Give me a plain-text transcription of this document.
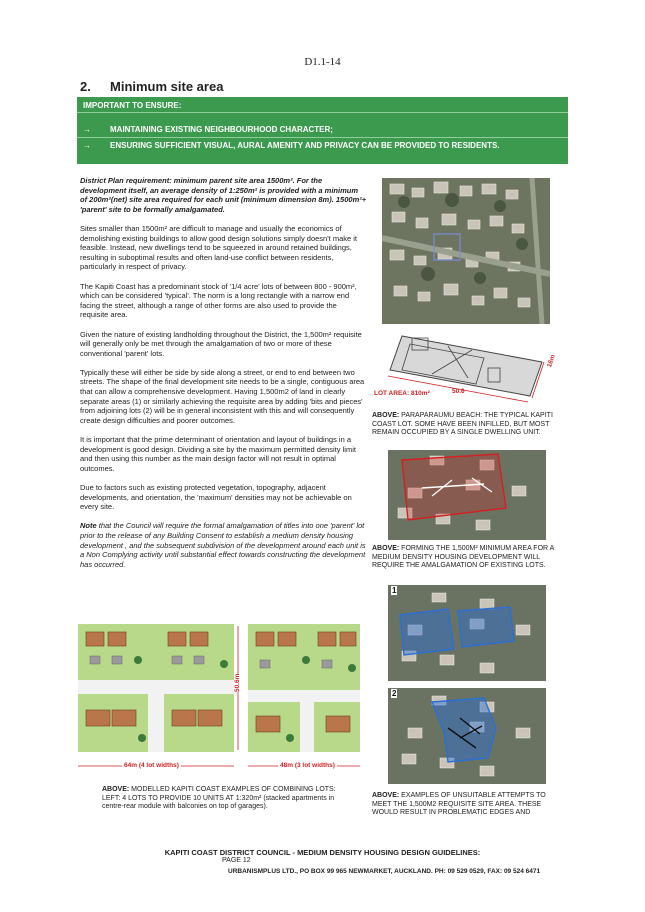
D1.1-14
2. Minimum site area
IMPORTANT TO ENSURE:
→ MAINTAINING EXISTING NEIGHBOURHOOD CHARACTER;
→ ENSURING SUFFICIENT VISUAL, AURAL AMENITY AND PRIVACY CAN BE PROVIDED TO RESIDENTS.

District Plan requirement: minimum parent site area 1500m². For the development itself, an average density of 1:250m² is provided with a minimum of 200m²(net) site area required for each unit (minimum dimension 8m). 1500m²+ 'parent' site to be formally amalgamated.

Sites smaller than 1500m² are difficult to manage and usually the economics of demolishing existing buildings to allow good design solutions simply doesn't make it feasible. Instead, new dwellings tend to be squeezed in around retained buildings, resulting in suboptimal results and often land-use conflict between residents, particularly in respect of privacy.

The Kapiti Coast has a predominant stock of '1/4 acre' lots of between 800 - 900m², which can be considered 'typical'. The norm is a long rectangle with a narrow end facing the street, although a range of other forms are also used to provide the requisite area.

Given the nature of existing landholding throughout the District, the 1,500m² requisite will generally only be met through the amalgamation of two or more of these conventional 'parent' lots.

Typically these will either be side by side along a street, or end to end between two streets. The shape of the final development site needs to be a single, contiguous area that can allow a comprehensive development. Having 1,500m2 of land in clearly separate areas (1) or similarly achieving the requisite area by adding 'bits and pieces' from adjoining lots (2) will be in general inconsistent with this and will consequently create design difficulties and poorer outcomes.

It is important that the prime determinant of orientation and layout of buildings in a development is good design. Dividing a site by the maximum permitted density limit and then using this number as the main design factor will not result in optimal outcomes.

Due to factors such as existing protected vegetation, topography, adjacent developments, and orientation, the 'maximum' densities may not be achievable on every site.

Note that the Council will require the formal amalgamation of titles into one 'parent' lot prior to the release of any Building Consent to establish a medium density housing development , and the subsequent subdivision of the development around each unit is a Non Complying activity until substantial effect towards constructing the development has occurred.

LOT AREA: 810m²	50.6
16m
ABOVE: PARAPARAUMU BEACH: THE TYPICAL KAPITI COAST LOT. SOME HAVE BEEN INFILLED, BUT MOST REMAIN OCCUPIED BY A SINGLE DWELLING UNIT.
ABOVE: FORMING THE 1,500M² MINIMUM AREA FOR A MEDIUM DENSITY HOUSING DEVELOPMENT WILL REQUIRE THE AMALGAMATION OF EXISTING LOTS.
1
2
ABOVE: EXAMPLES OF UNSUITABLE ATTEMPTS TO MEET THE 1,500M2 REQUISITE SITE AREA. THESE WOULD RESULT IN PROBLEMATIC EDGES AND
50.6m
64m (4 lot widths)	48m (3 lot widths)
ABOVE: MODELLED KAPITI COAST EXAMPLES OF COMBINING LOTS:
LEFT: 4 LOTS TO PROVIDE 10 UNITS AT 1:320m² (stacked apartments in centre-rear module with balconies on top of garages).
KAPITI COAST DISTRICT COUNCIL - MEDIUM DENSITY HOUSING DESIGN GUIDELINES:
PAGE 12
URBANISMPLUS LTD., PO BOX 99 965 NEWMARKET, AUCKLAND. PH: 09 529 0529, FAX: 09 524 6471
